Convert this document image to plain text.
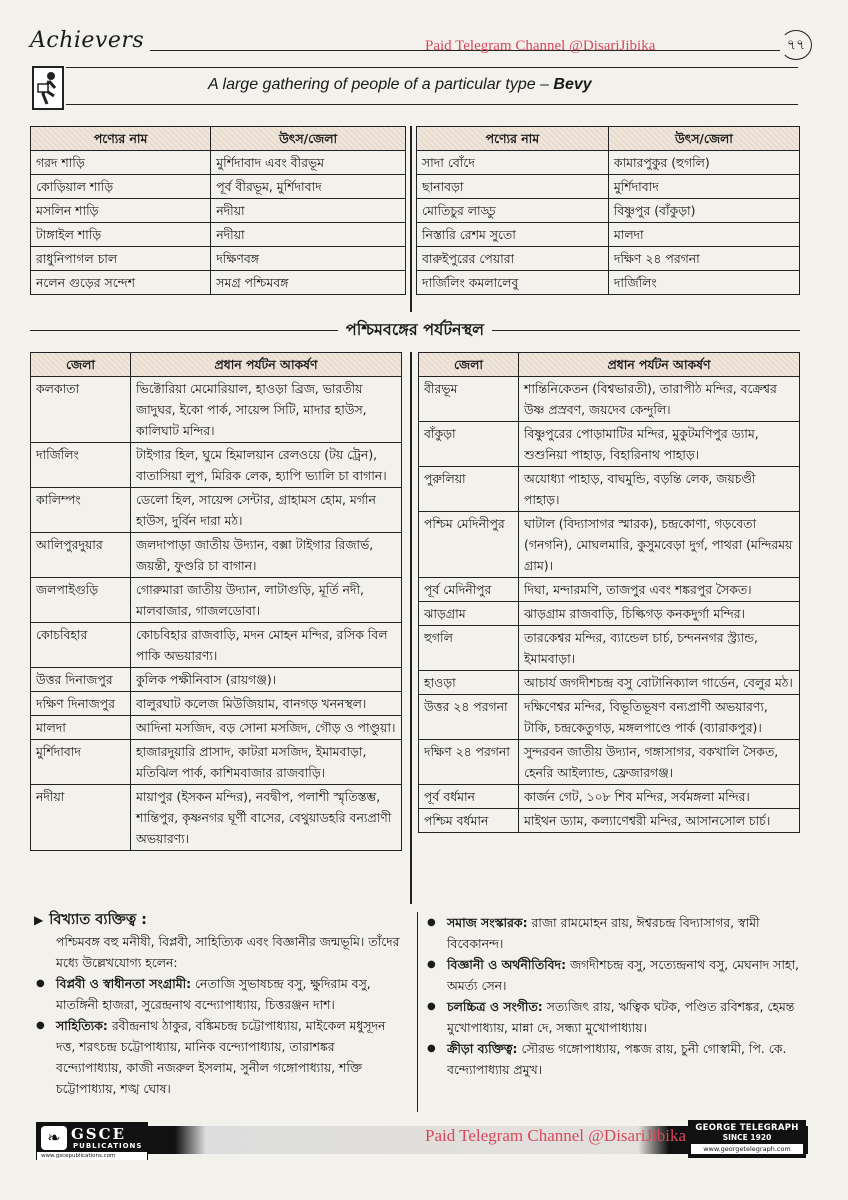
Achievers	Paid Telegram Channel @DisariJibika	৭৭
A large gathering of people of a particular type – Bevy
পণ্যের নাম	উৎস/জেলা
গরদ শাড়ি	মুর্শিদাবাদ এবং বীরভূম
কোড়িয়াল শাড়ি	পূর্ব বীরভূম, মুর্শিদাবাদ
মসলিন শাড়ি	নদীয়া
টাঙ্গাইল শাড়ি	নদীয়া
রাধুনিপাগল চাল	দক্ষিণবঙ্গ
নলেন গুড়ের সন্দেশ	সমগ্র পশ্চিমবঙ্গ
পণ্যের নাম	উৎস/জেলা
সাদা বোঁদে	কামারপুকুর (হুগলি)
ছানাবড়া	মুর্শিদাবাদ
মোতিচুর লাড্ডু	বিষ্ণুপুর (বাঁকুড়া)
নিস্তারি রেশম সুতো	মালদা
বারুইপুরের পেয়ারা	দক্ষিণ ২৪ পরগনা
দার্জিলিং কমলালেবু	দার্জিলিং
পশ্চিমবঙ্গের পর্যটনস্থল
জেলা	প্রধান পর্যটন আকর্ষণ
কলকাতা	ভিক্টোরিয়া মেমোরিয়াল, হাওড়া ব্রিজ, ভারতীয় জাদুঘর, ইকো পার্ক, সায়েন্স সিটি, মাদার হাউস, কালিঘাট মন্দির।
দার্জিলিং	টাইগার হিল, ঘুমে হিমালয়ান রেলওয়ে (টয় ট্রেন), বাতাসিয়া লুপ, মিরিক লেক, হ্যাপি ভ্যালি চা বাগান।
কালিম্পং	ডেলো হিল, সায়েন্স সেন্টার, গ্রাহামস হোম, মর্গান হাউস, দুর্বিন দারা মঠ।
আলিপুরদুয়ার	জলদাপাড়া জাতীয় উদ্যান, বক্সা টাইগার রিজার্ভ, জয়ন্তী, ফুণ্ডরি চা বাগান।
জলপাইগুড়ি	গোরুমারা জাতীয় উদ্যান, লাটাগুড়ি, মূর্তি নদী, মালবাজার, গাজলডোবা।
কোচবিহার	কোচবিহার রাজবাড়ি, মদন মোহন মন্দির, রসিক বিল পাকি অভয়ারণ্য।
উত্তর দিনাজপুর	কুলিক পক্ষীনিবাস (রায়গঞ্জ)।
দক্ষিণ দিনাজপুর	বালুরঘাট কলেজ মিউজিয়াম, বানগড় খননস্থল।
মালদা	আদিনা মসজিদ, বড় সোনা মসজিদ, গৌড় ও পাণ্ডুয়া।
মুর্শিদাবাদ	হাজারদুয়ারি প্রাসাদ, কাটরা মসজিদ, ইমামবাড়া, মতিঝিল পার্ক, কাশিমবাজার রাজবাড়ি।
নদীয়া	মায়াপুর (ইসকন মন্দির), নবদ্বীপ, পলাশী স্মৃতিস্তম্ভ, শান্তিপুর, কৃষ্ণনগর ঘূর্ণী বাসের, বেথুয়াডহরি বন্যপ্রাণী অভয়ারণ্য।
জেলা	প্রধান পর্যটন আকর্ষণ
বীরভূম	শান্তিনিকেতন (বিশ্বভারতী), তারাপীঠ মন্দির, বক্রেশ্বর উষ্ণ প্রস্রবণ, জয়দেব কেন্দুলি।
বাঁকুড়া	বিষ্ণুপুরের পোড়ামাটির মন্দির, মুকুটমণিপুর ড্যাম, শুশুনিয়া পাহাড়, বিহারিনাথ পাহাড়।
পুরুলিয়া	অযোধ্যা পাহাড়, বাঘমুন্ডি, বড়ন্তি লেক, জয়চণ্ডী পাহাড়।
পশ্চিম মেদিনীপুর	ঘাটাল (বিদ্যাসাগর স্মারক), চন্দ্রকোণা, গড়বেতা (গনগনি), মোঘলমারি, কুসুমবেড়া দুর্গ, পাথরা (মন্দিরময় গ্রাম)।
পূর্ব মেদিনীপুর	দিঘা, মন্দারমণি, তাজপুর এবং শঙ্করপুর সৈকত।
ঝাড়গ্রাম	ঝাড়গ্রাম রাজবাড়ি, চিল্কিগড় কনকদুর্গা মন্দির।
হুগলি	তারকেশ্বর মন্দির, ব্যান্ডেল চার্চ, চন্দননগর স্ট্র্যান্ড, ইমামবাড়া।
হাওড়া	আচার্য জগদীশচন্দ্র বসু বোটানিক্যাল গার্ডেন, বেলুর মঠ।
উত্তর ২৪ পরগনা	দক্ষিণেশ্বর মন্দির, বিভূতিভূষণ বন্যপ্রাণী অভয়ারণ্য, টাকি, চন্দ্রকেতুগড়, মঙ্গলপাণ্ডে পার্ক (ব্যারাকপুর)।
দক্ষিণ ২৪ পরগনা	সুন্দরবন জাতীয় উদ্যান, গঙ্গাসাগর, বকখালি সৈকত, হেনরি আইল্যান্ড, ফ্রেজারগঞ্জ।
পূর্ব বর্ধমান	কার্জন গেট, ১০৮ শিব মন্দির, সর্বমঙ্গলা মন্দির।
পশ্চিম বর্ধমান	মাইথন ড্যাম, কল্যাণেশ্বরী মন্দির, আসানসোল চার্চ।
▶ বিখ্যাত ব্যক্তিত্ব :
পশ্চিমবঙ্গ বহু মনীষী, বিপ্লবী, সাহিত্যিক এবং বিজ্ঞানীর জন্মভূমি। তাঁদের মধ্যে উল্লেখযোগ্য হলেন:
● বিপ্লবী ও স্বাধীনতা সংগ্রামী: নেতাজি সুভাষচন্দ্র বসু, ক্ষুদিরাম বসু, মাতঙ্গিনী হাজরা, সুরেন্দ্রনাথ বন্দ্যোপাধ্যায়, চিত্তরঞ্জন দাশ।
● সাহিত্যিক: রবীন্দ্রনাথ ঠাকুর, বঙ্কিমচন্দ্র চট্টোপাধ্যায়, মাইকেল মধুসূদন দত্ত, শরৎচন্দ্র চট্টোপাধ্যায়, মানিক বন্দ্যোপাধ্যায়, তারাশঙ্কর বন্দ্যোপাধ্যায়, কাজী নজরুল ইসলাম, সুনীল গঙ্গোপাধ্যায়, শক্তি চট্টোপাধ্যায়, শঙ্খ ঘোষ।
● সমাজ সংস্কারক: রাজা রামমোহন রায়, ঈশ্বরচন্দ্র বিদ্যাসাগর, স্বামী বিবেকানন্দ।
● বিজ্ঞানী ও অর্থনীতিবিদ: জগদীশচন্দ্র বসু, সত্যেন্দ্রনাথ বসু, মেঘনাদ সাহা, অমর্ত্য সেন।
● চলচ্চিত্র ও সংগীত: সত্যজিৎ রায়, ঋত্বিক ঘটক, পণ্ডিত রবিশঙ্কর, হেমন্ত মুখোপাধ্যায়, মান্না দে, সন্ধ্যা মুখোপাধ্যায়।
● ক্রীড়া ব্যক্তিত্ব: সৌরভ গঙ্গোপাধ্যায়, পঙ্কজ রায়, চুনী গোস্বামী, পি. কে. বন্দ্যোপাধ্যায় প্রমুখ।
❧ GSCE
PUBLICATIONS
www.gscepublications.com
Paid Telegram Channel @DisariJibika	GEORGE TELEGRAPH
SINCE 1920
www.georgetelegraph.com
